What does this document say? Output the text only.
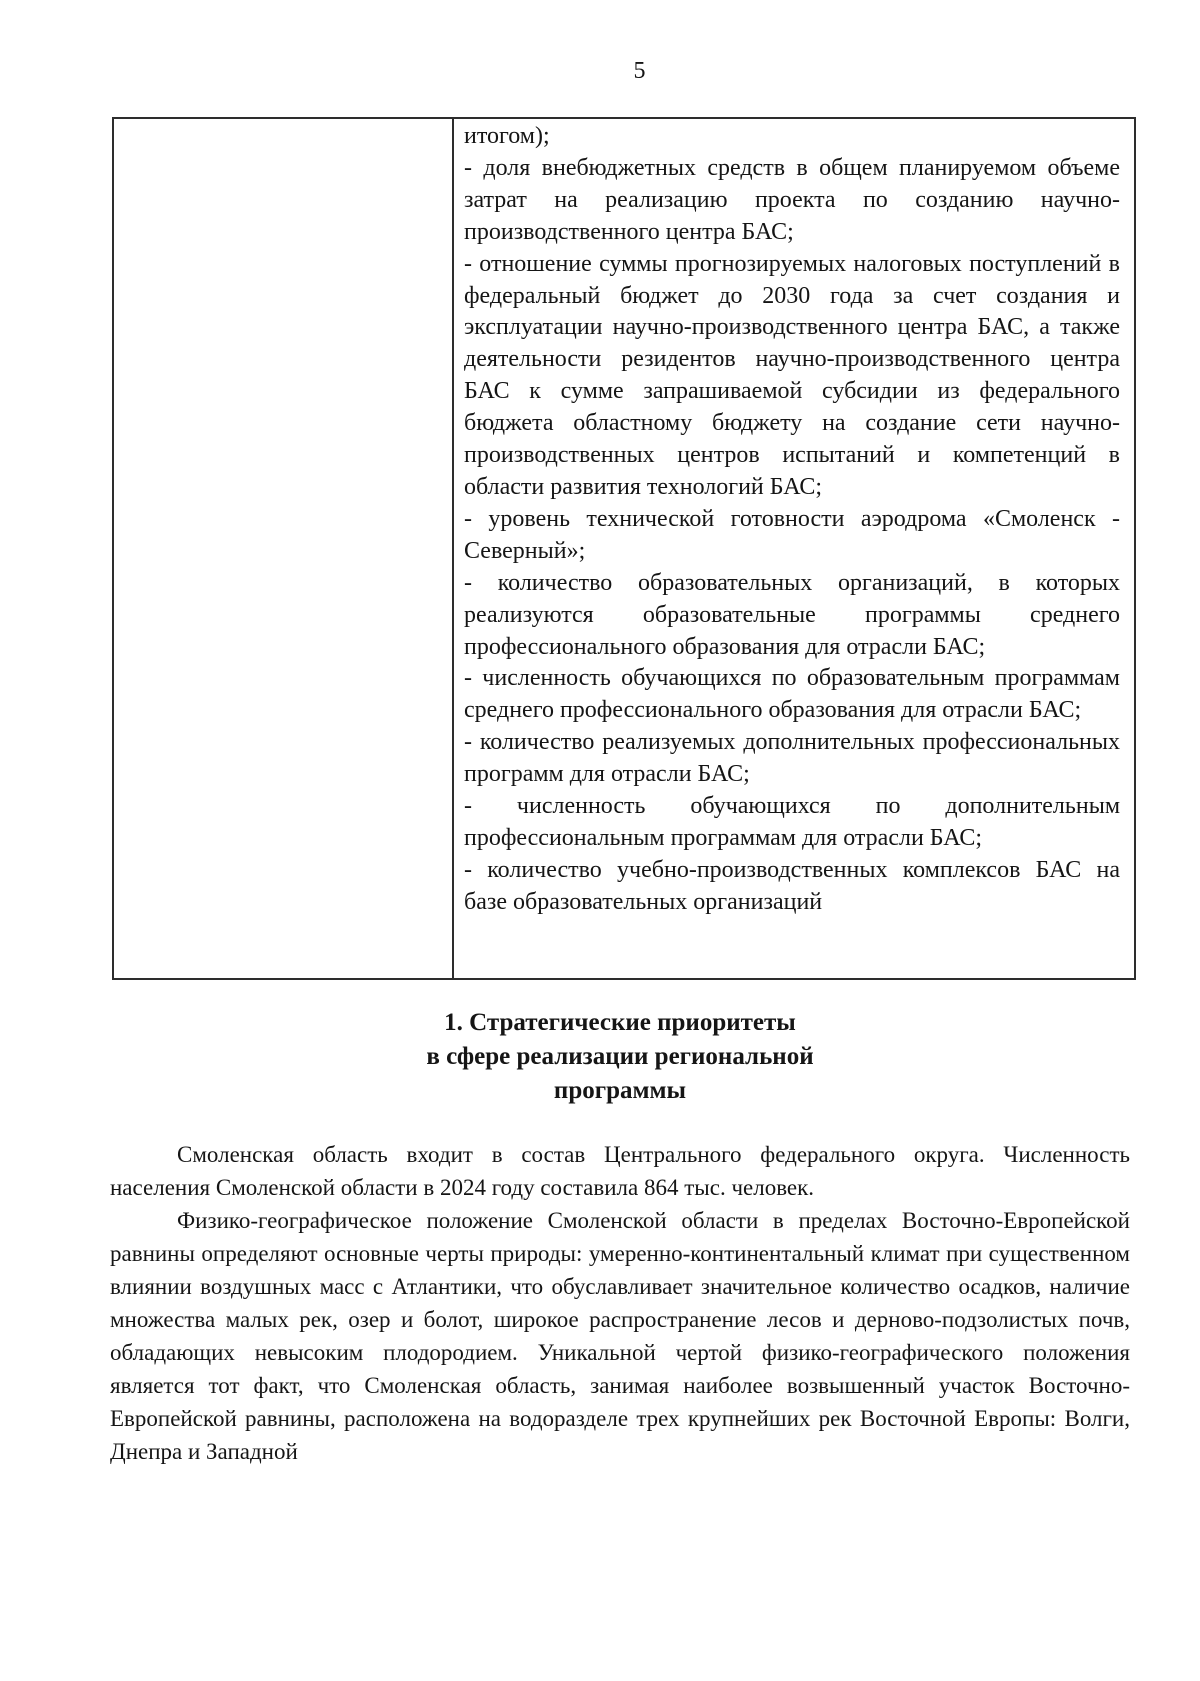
5

итогом);

- доля внебюджетных средств в общем планируемом объеме затрат на реализацию проекта по созданию научно-производственного центра БАС;

- отношение суммы прогнозируемых налоговых поступлений в федеральный бюджет до 2030 года за счет создания и эксплуатации научно-производственного центра БАС, а также деятельности резидентов научно-производственного центра БАС к сумме запрашиваемой субсидии из федерального бюджета областному бюджету на создание сети научно-производственных центров испытаний и компетенций в области развития технологий БАС;

- уровень технической готовности аэродрома «Смоленск - Северный»;

- количество образовательных организаций, в которых реализуются образовательные программы среднего профессионального образования для отрасли БАС;

- численность обучающихся по образовательным программам среднего профессионального образования для отрасли БАС;

- количество реализуемых дополнительных профессиональных программ для отрасли БАС;

- численность обучающихся по дополнительным профессиональным программам для отрасли БАС;

- количество учебно-производственных комплексов БАС на базе образовательных организаций

1. Стратегические приоритеты
в сфере реализации региональной
программы

Смоленская область входит в состав Центрального федерального округа. Численность населения Смоленской области в 2024 году составила 864 тыс. человек.

Физико-географическое положение Смоленской области в пределах Восточно-Европейской равнины определяют основные черты природы: умеренно-континентальный климат при существенном влиянии воздушных масс с Атлантики, что обуславливает значительное количество осадков, наличие множества малых рек, озер и болот, широкое распространение лесов и дерново-подзолистых почв, обладающих невысоким плодородием. Уникальной чертой физико-географического положения является тот факт, что Смоленская область, занимая наиболее возвышенный участок Восточно-Европейской равнины, расположена на водоразделе трех крупнейших рек Восточной Европы: Волги, Днепра и Западной
